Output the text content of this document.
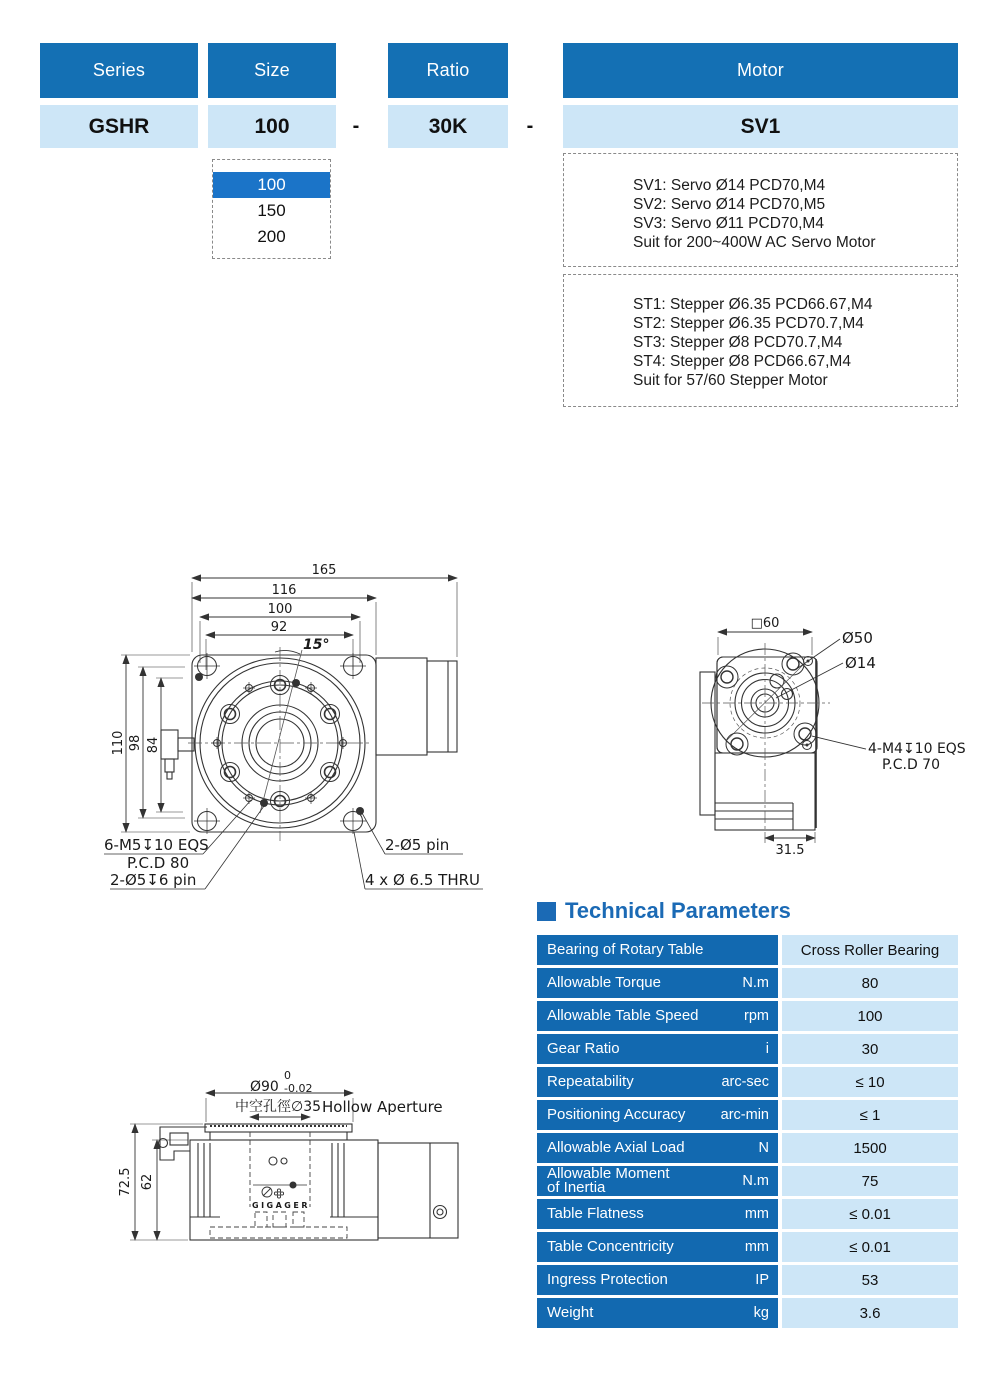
Series	Size	Ratio	Motor
GSHR	100	-	30K	-	SV1
100
150
200
SV1: Servo Ø14 PCD70,M4
SV2: Servo Ø14 PCD70,M5
SV3: Servo Ø11 PCD70,M4
Suit for 200~400W AC Servo Motor
ST1: Stepper Ø6.35 PCD66.67,M4
ST2: Stepper Ø6.35 PCD70.7,M4
ST3: Stepper Ø8 PCD70.7,M4
ST4: Stepper Ø8 PCD66.67,M4
Suit for 57/60 Stepper Motor
165
116
100
92
15°
110 98 84
6-M5↧10 EQS
P.C.D 80
2-Ø5↧6 pin
2-Ø5 pin
4 x Ø 6.5 THRU
□60
Ø50
Ø14
4-M4↧10 EQS
P.C.D 70
31.5
GIGAGER
Ø90
0
-0.02
中空孔徑∅35 Hollow Aperture
72.5 62
Technical Parameters
Bearing of Rotary Table	Cross Roller Bearing
Allowable Torque	N.m	80
Allowable Table Speed	rpm	100
Gear Ratio	i	30
Repeatability	arc-sec	≤ 10
Positioning Accuracy arc-min	≤ 1
Allowable Axial Load	N	1500
Allowable Moment
of Inertia	N.m	75
Table Flatness	mm	≤ 0.01
Table Concentricity	mm	≤ 0.01
Ingress Protection	IP	53
Weight	kg	3.6
